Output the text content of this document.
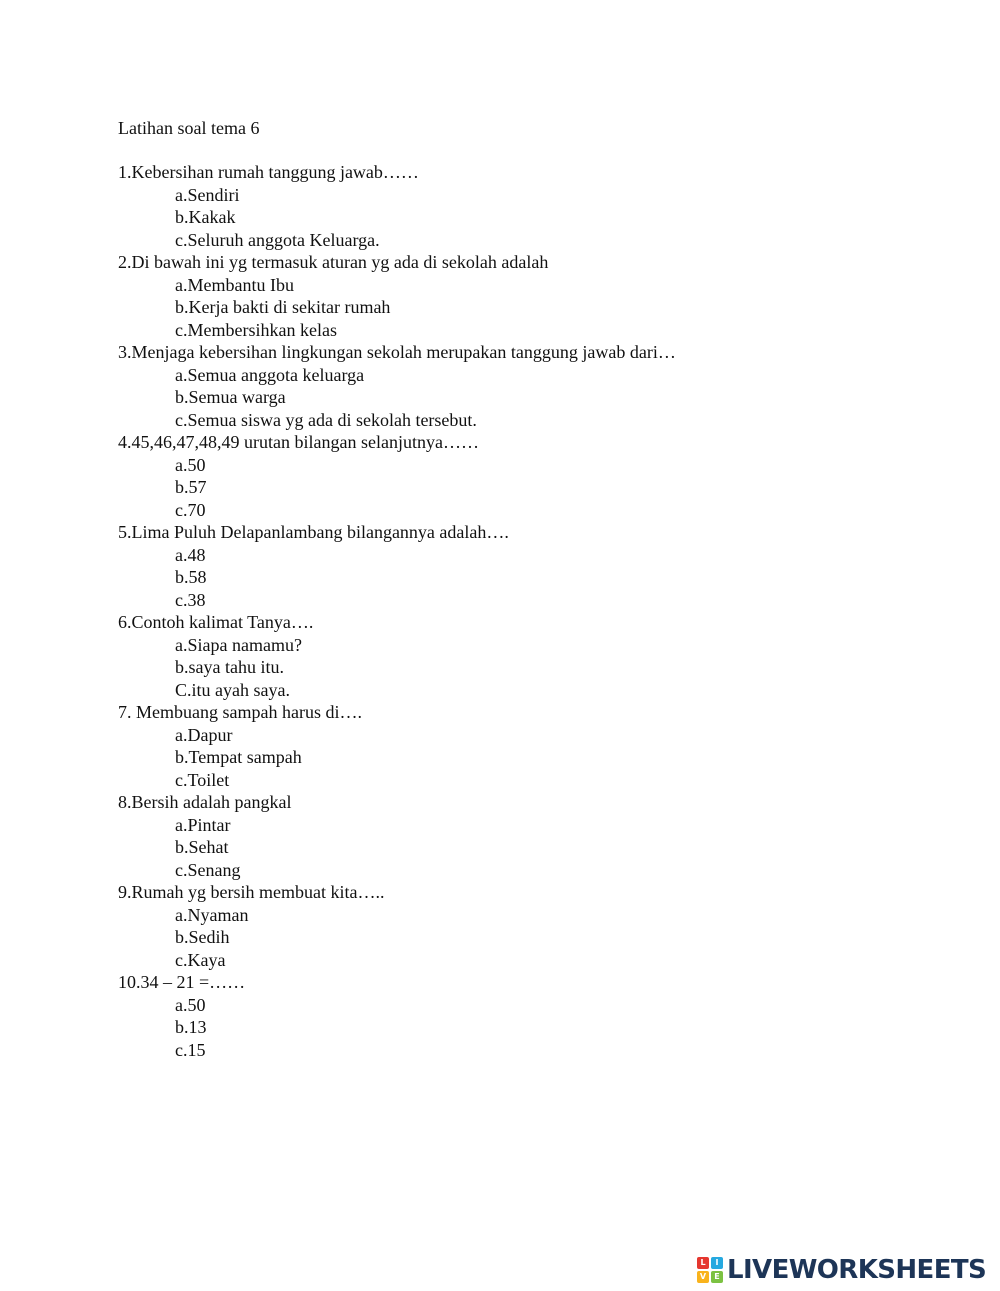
Latihan soal tema 6
1.Kebersihan rumah tanggung jawab……
a.Sendiri
b.Kakak
c.Seluruh anggota Keluarga.
2.Di bawah ini yg termasuk aturan yg ada di sekolah adalah
a.Membantu Ibu
b.Kerja bakti di sekitar rumah
c.Membersihkan kelas
3.Menjaga kebersihan lingkungan sekolah merupakan tanggung jawab dari…
a.Semua anggota keluarga
b.Semua warga
c.Semua siswa yg ada di sekolah tersebut.
4.45,46,47,48,49 urutan bilangan selanjutnya……
a.50
b.57
c.70
5.Lima Puluh Delapanlambang bilangannya adalah….
a.48
b.58
c.38
6.Contoh kalimat Tanya….
a.Siapa namamu?
b.saya tahu itu.
C.itu ayah saya.
7. Membuang sampah harus di….
a.Dapur
b.Tempat sampah
c.Toilet
8.Bersih adalah pangkal
a.Pintar
b.Sehat
c.Senang
9.Rumah yg bersih membuat kita…..
a.Nyaman
b.Sedih
c.Kaya
10.34 – 21 =……
a.50
b.13
c.15
L	I
V	E LIVEWORKSHEETS
